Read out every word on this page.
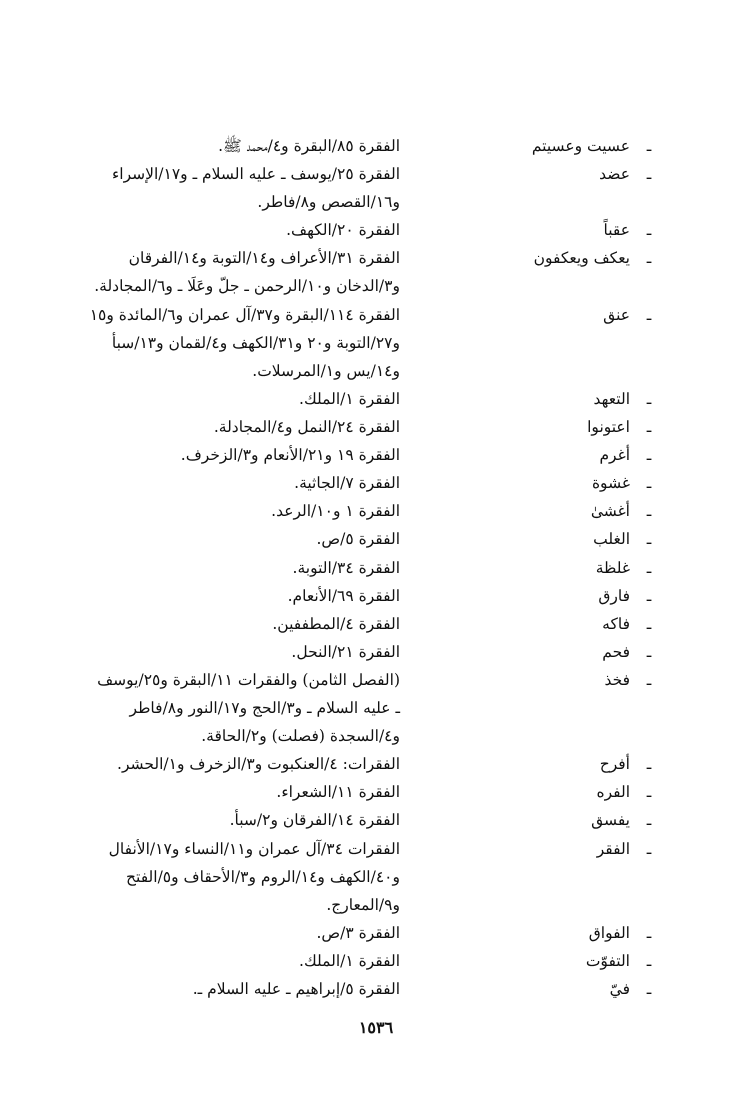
ـ
عسيت وعسيتم
الفقرة ٨٥/البقرة و٤/محمد ﷺ.
ـ
عضد
الفقرة ٢٥/يوسف ـ عليه السلام ـ و١٧/الإسراء
و١٦/القصص و٨/فاطر.
ـ
عقباً
الفقرة ٢٠/الكهف.
ـ
يعكف ويعكفون
الفقرة ٣١/الأعراف و١٤/التوبة و١٤/الفرقان
و٣/الدخان و١٠/الرحمن ـ جلّ وعَلَا ـ و٦/المجادلة.
ـ
عنق
الفقرة ١١٤/البقرة و٣٧/آل عمران و٦/المائدة و١٥
و٢٧/التوبة و٢٠ و٣١/الكهف و٤/لقمان و١٣/سبأ
و١٤/يس و١/المرسلات.
ـ
التعهد
الفقرة ١/الملك.
ـ
اعتونوا
الفقرة ٢٤/النمل و٤/المجادلة.
ـ
أغرم
الفقرة ١٩ و٢١/الأنعام و٣/الزخرف.
ـ
غشوة
الفقرة ٧/الجاثية.
ـ
أغشىٰ
الفقرة ١ و١٠/الرعد.
ـ
الغلب
الفقرة ٥/ص.
ـ
غلظة
الفقرة ٣٤/التوبة.
ـ
فارق
الفقرة ٦٩/الأنعام.
ـ
فاكه
الفقرة ٤/المطففين.
ـ
فحم
الفقرة ٢١/النحل.
ـ
فخذ
(الفصل الثامن) والفقرات ١١/البقرة و٢٥/يوسف
ـ عليه السلام ـ و٣/الحج و١٧/النور و٨/فاطر
و٤/السجدة (فصلت) و٢/الحاقة.
ـ
أفرح
الفقرات: ٤/العنكبوت و٣/الزخرف و١/الحشر.
ـ
الفره
الفقرة ١١/الشعراء.
ـ
يفسق
الفقرة ١٤/الفرقان و٢/سبأ.
ـ
الفقر
الفقرات ٣٤/آل عمران و١١/النساء و١٧/الأنفال
و٤٠/الكهف و١٤/الروم و٣/الأحقاف و٥/الفتح
و٩/المعارج.
ـ
الفواق
الفقرة ٣/ص.
ـ
التفوّت
الفقرة ١/الملك.
ـ
فيّ
الفقرة ٥/إبراهيم ـ عليه السلام ـ.
١٥٣٦
